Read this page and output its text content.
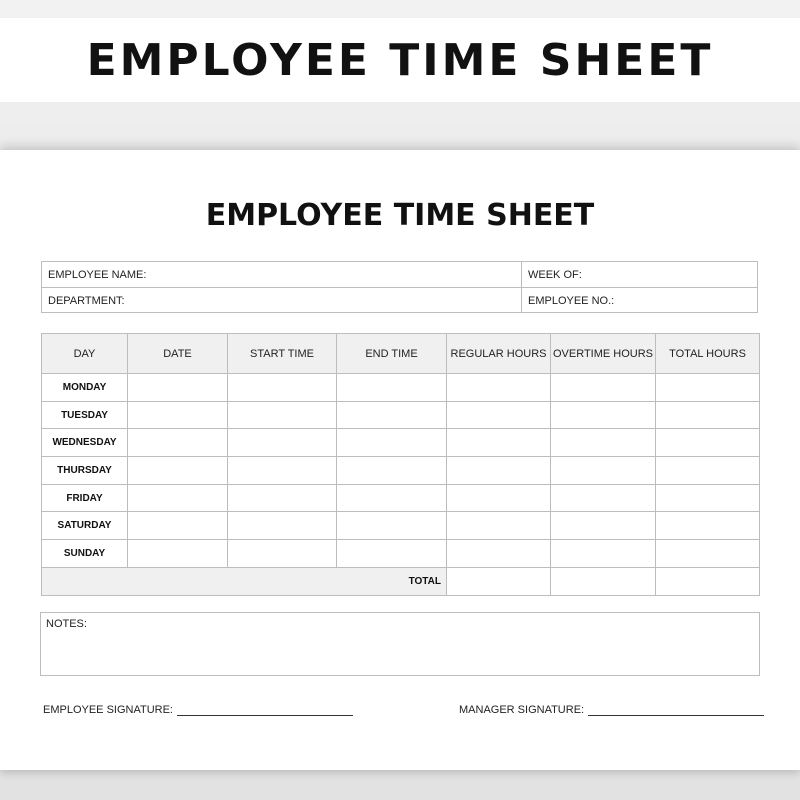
EMPLOYEE TIME SHEET
EMPLOYEE TIME SHEET
EMPLOYEE NAME:	WEEK OF:
DEPARTMENT:	EMPLOYEE NO.:
DAY	DATE	START TIME	END TIME	REGULAR HOURS	OVERTIME HOURS	TOTAL HOURS
MONDAY						
TUESDAY						
WEDNESDAY						
THURSDAY						
FRIDAY						
SATURDAY						
SUNDAY						
TOTAL						
NOTES:
EMPLOYEE SIGNATURE:	MANAGER SIGNATURE:
